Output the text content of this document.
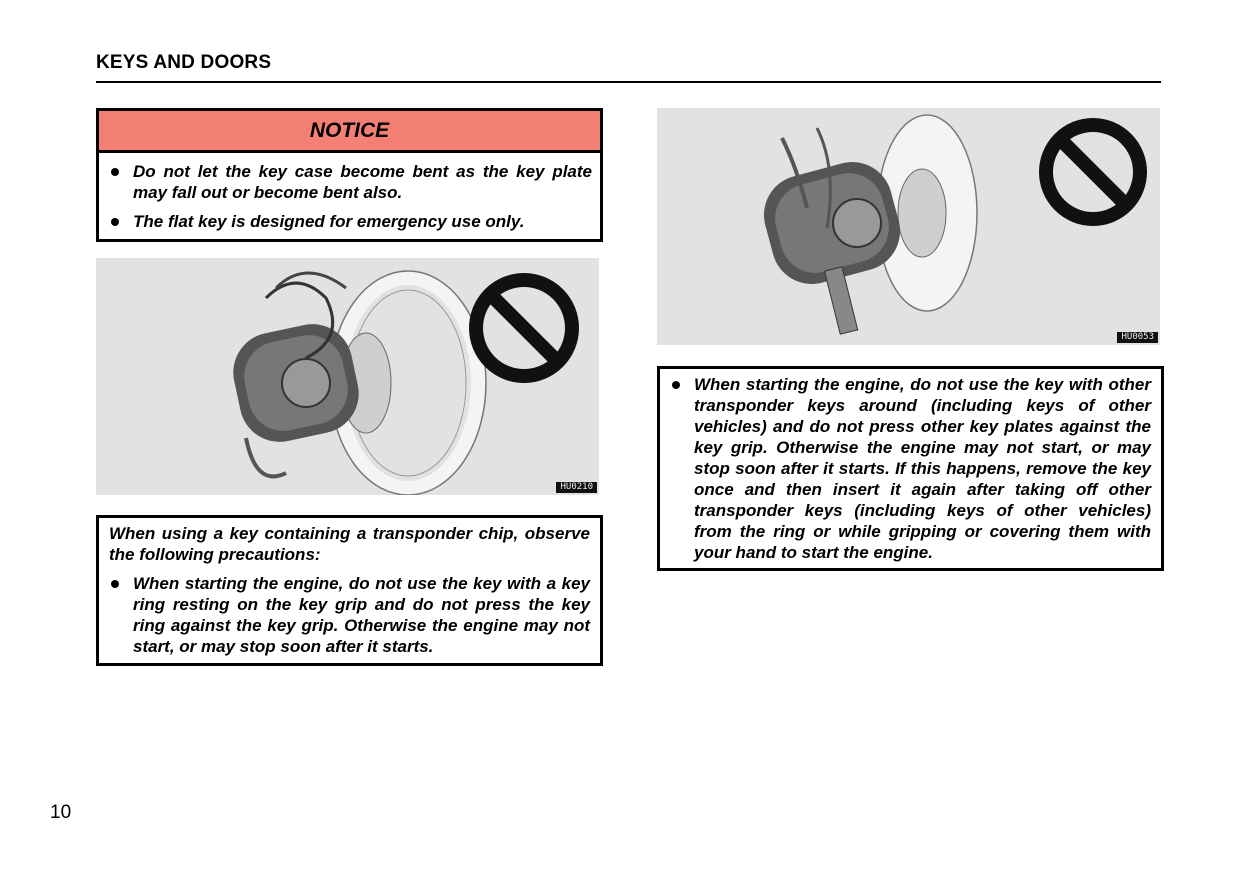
KEYS AND DOORS
NOTICE
Do not let the key case become bent as the key plate may fall out or become bent also.
The flat key is designed for emergency use only.
HU0210
When using a key containing a transponder chip, observe the following precautions:
When starting the engine, do not use the key with a key ring resting on the key grip and do not press the key ring against the key grip. Otherwise the engine may not start, or may stop soon after it starts.
HU0053
When starting the engine, do not use the key with other transponder keys around (including keys of other vehicles) and do not press other key plates against the key grip. Otherwise the engine may not start, or may stop soon after it starts. If this happens, remove the key once and then insert it again after taking off other transponder keys (including keys of other vehicles) from the ring or while gripping or covering them with your hand to start the engine.
10
